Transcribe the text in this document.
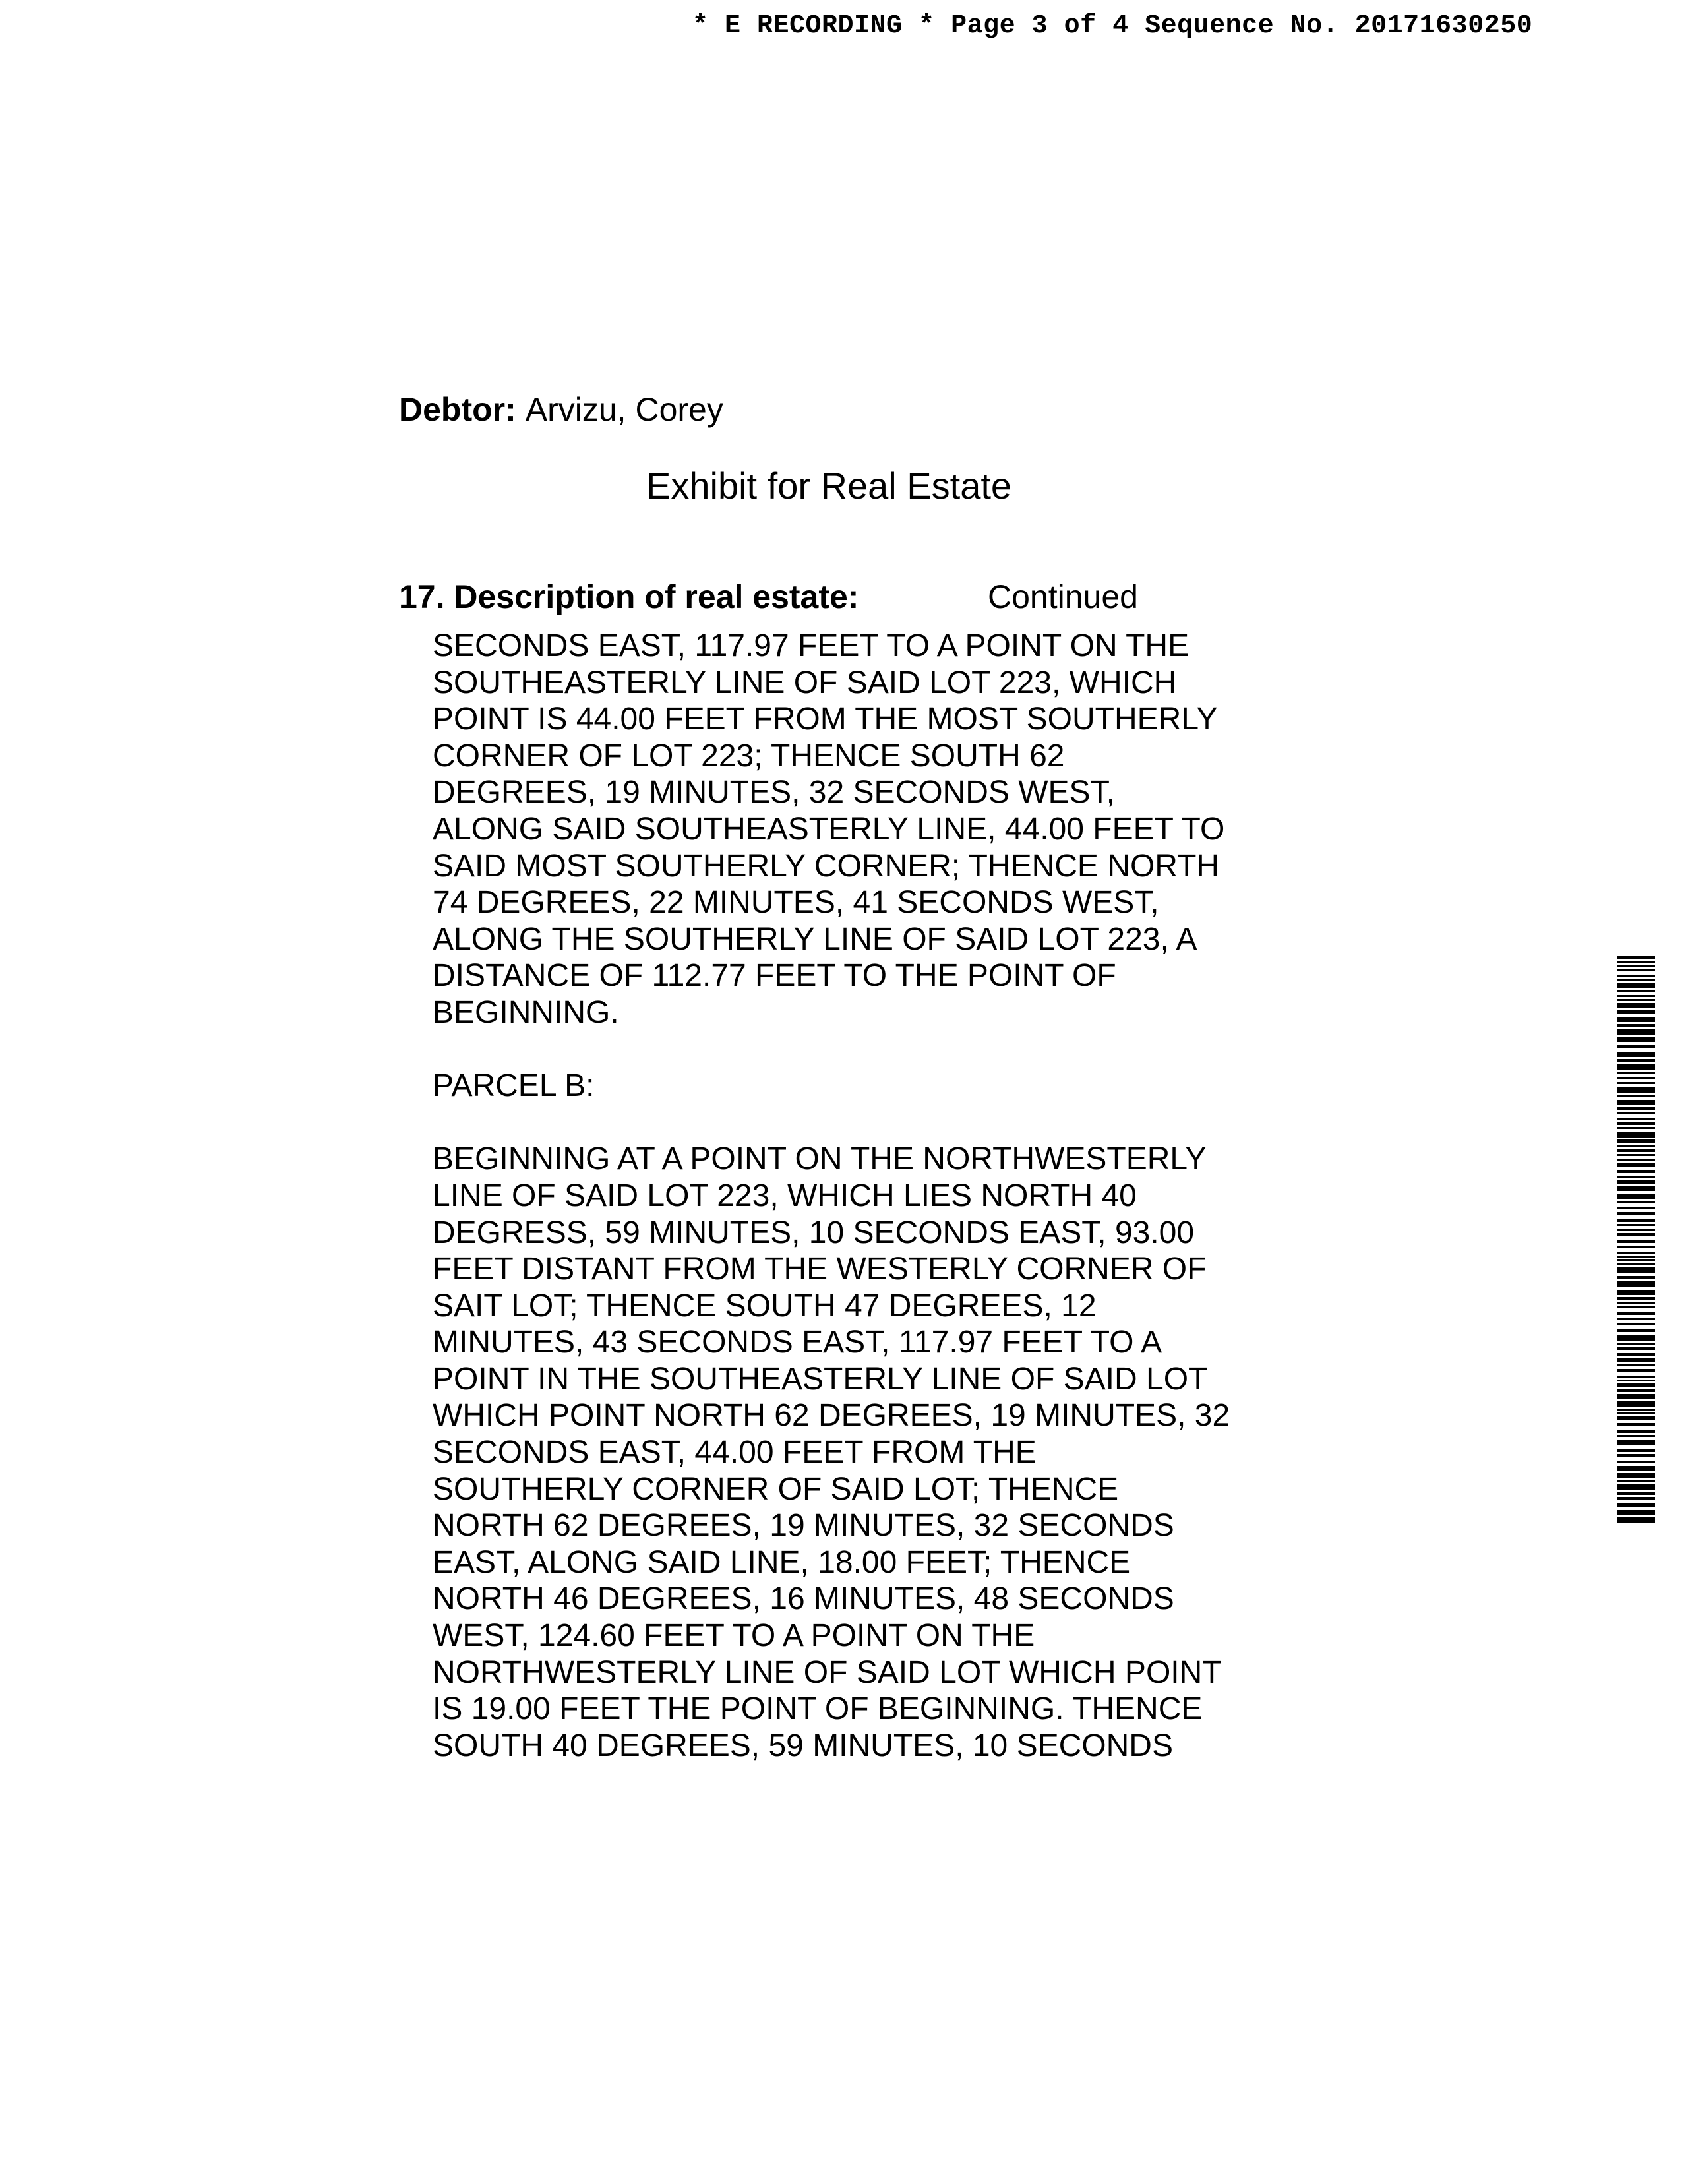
* E RECORDING * Page 3 of 4 Sequence No. 20171630250
Debtor: Arvizu, Corey
Exhibit for Real Estate
17. Description of real estate:	Continued
SECONDS EAST, 117.97 FEET TO A POINT ON THE
SOUTHEASTERLY LINE OF SAID LOT 223, WHICH
POINT IS 44.00 FEET FROM THE MOST SOUTHERLY
CORNER OF LOT 223; THENCE SOUTH 62
DEGREES, 19 MINUTES, 32 SECONDS WEST,
ALONG SAID SOUTHEASTERLY LINE, 44.00 FEET TO
SAID MOST SOUTHERLY CORNER; THENCE NORTH
74 DEGREES, 22 MINUTES, 41 SECONDS WEST,
ALONG THE SOUTHERLY LINE OF SAID LOT 223, A
DISTANCE OF 112.77 FEET TO THE POINT OF
BEGINNING.
PARCEL B:
BEGINNING AT A POINT ON THE NORTHWESTERLY
LINE OF SAID LOT 223, WHICH LIES NORTH 40
DEGRESS, 59 MINUTES, 10 SECONDS EAST, 93.00
FEET DISTANT FROM THE WESTERLY CORNER OF
SAIT LOT; THENCE SOUTH 47 DEGREES, 12
MINUTES, 43 SECONDS EAST, 117.97 FEET TO A
POINT IN THE SOUTHEASTERLY LINE OF SAID LOT
WHICH POINT NORTH 62 DEGREES, 19 MINUTES, 32
SECONDS EAST, 44.00 FEET FROM THE
SOUTHERLY CORNER OF SAID LOT; THENCE
NORTH 62 DEGREES, 19 MINUTES, 32 SECONDS
EAST, ALONG SAID LINE, 18.00 FEET; THENCE
NORTH 46 DEGREES, 16 MINUTES, 48 SECONDS
WEST, 124.60 FEET TO A POINT ON THE
NORTHWESTERLY LINE OF SAID LOT WHICH POINT
IS 19.00 FEET THE POINT OF BEGINNING. THENCE
SOUTH 40 DEGREES, 59 MINUTES, 10 SECONDS
